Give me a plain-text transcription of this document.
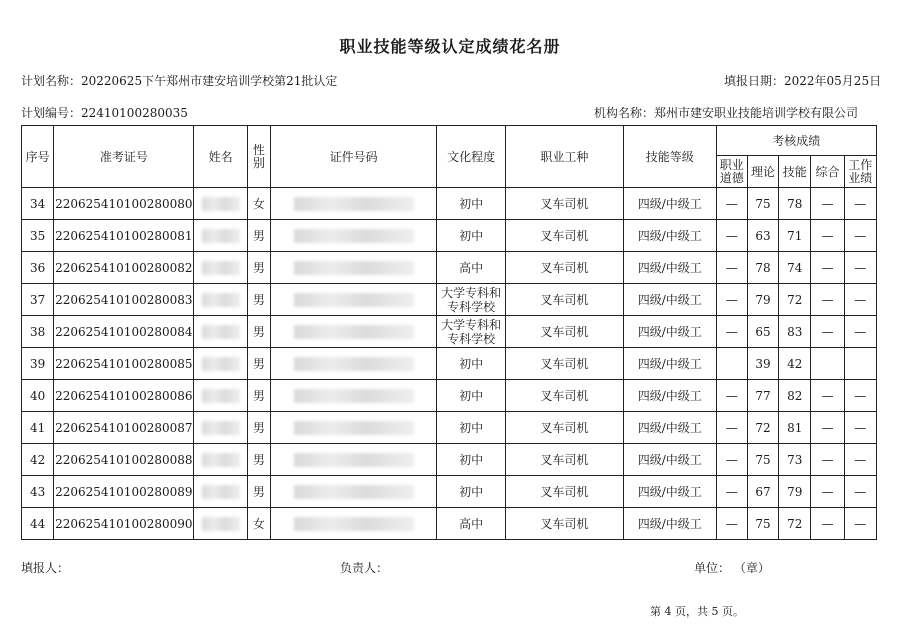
职业技能等级认定成绩花名册
计划名称：20220625下午郑州市建安培训学校第21批认定	填报日期：2022年05月25日
计划编号：22410100280035	机构名称：郑州市建安职业技能培训学校有限公司
序号	准考证号	姓名	性别	证件号码	文化程度	职业工种	技能等级	考核成绩				
								职业道德	理论	技能	综合	工作业绩
34	220625410100280080		女		初中	叉车司机	四级/中级工	—	75	78	—	—
35	220625410100280081		男		初中	叉车司机	四级/中级工	—	63	71	—	—
36	220625410100280082		男		高中	叉车司机	四级/中级工	—	78	74	—	—
37	220625410100280083		男		大学专科和专科学校	叉车司机	四级/中级工	—	79	72	—	—
38	220625410100280084		男		大学专科和专科学校	叉车司机	四级/中级工	—	65	83	—	—
39	220625410100280085		男		初中	叉车司机	四级/中级工		39	42		
40	220625410100280086		男		初中	叉车司机	四级/中级工	—	77	82	—	—
41	220625410100280087		男		初中	叉车司机	四级/中级工	—	72	81	—	—
42	220625410100280088		男		初中	叉车司机	四级/中级工	—	75	73	—	—
43	220625410100280089		男		初中	叉车司机	四级/中级工	—	67	79	—	—
44	220625410100280090		女		高中	叉车司机	四级/中级工	—	75	72	—	—
填报人：	负责人：	单位： （章）
第 4 页，共 5 页。
